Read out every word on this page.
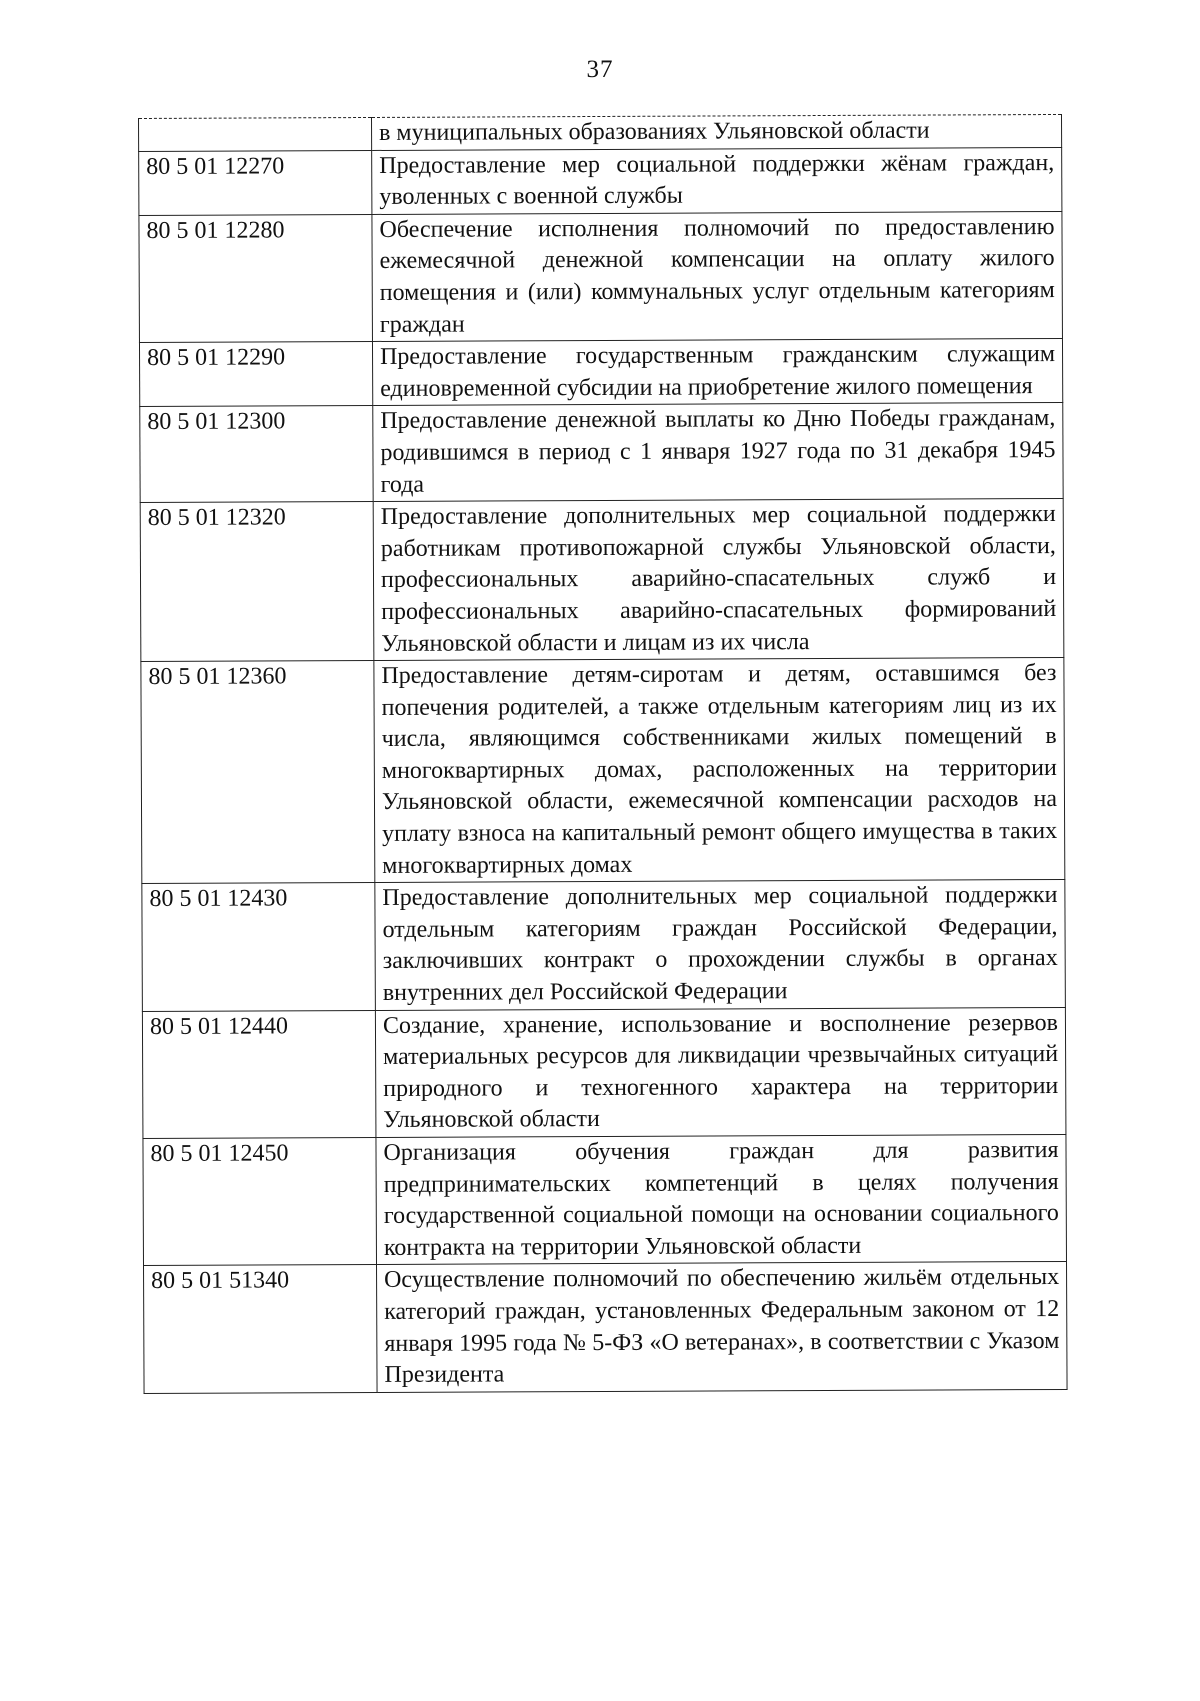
37
	в муниципальных образованиях Ульяновской области
80 5 01 12270	Предоставление мер социальной поддержки жёнам граждан, уволенных с военной службы
80 5 01 12280	Обеспечение исполнения полномочий по предоставлению ежемесячной денежной компенсации на оплату жилого помещения и (или) коммунальных услуг отдельным категориям граждан
80 5 01 12290	Предоставление государственным гражданским служащим единовременной субсидии на приобретение жилого помещения
80 5 01 12300	Предоставление денежной выплаты ко Дню Победы гражданам, родившимся в период с 1 января 1927 года по 31 декабря 1945 года
80 5 01 12320	Предоставление дополнительных мер социальной поддержки работникам противопожарной службы Ульяновской области, профессиональных аварийно-спасательных служб и профессиональных аварийно-спасательных формирований Ульяновской области и лицам из их числа
80 5 01 12360	Предоставление детям-сиротам и детям, оставшимся без попечения родителей, а также отдельным категориям лиц из их числа, являющимся собственниками жилых помещений в многоквартирных домах, расположенных на территории Ульяновской области, ежемесячной компенсации расходов на уплату взноса на капитальный ремонт общего имущества в таких многоквартирных домах
80 5 01 12430	Предоставление дополнительных мер социальной поддержки отдельным категориям граждан Российской Федерации, заключивших контракт о прохождении службы в органах внутренних дел Российской Федерации
80 5 01 12440	Создание, хранение, использование и восполнение резервов материальных ресурсов для ликвидации чрезвычайных ситуаций природного и техногенного характера на территории Ульяновской области
80 5 01 12450	Организация обучения граждан для развития предпринимательских компетенций в целях получения государственной социальной помощи на основании социального контракта на территории Ульяновской области
80 5 01 51340	Осуществление полномочий по обеспечению жильём отдельных категорий граждан, установленных Федеральным законом от 12 января 1995 года № 5-ФЗ «О ветеранах», в соответствии с Указом Президента
